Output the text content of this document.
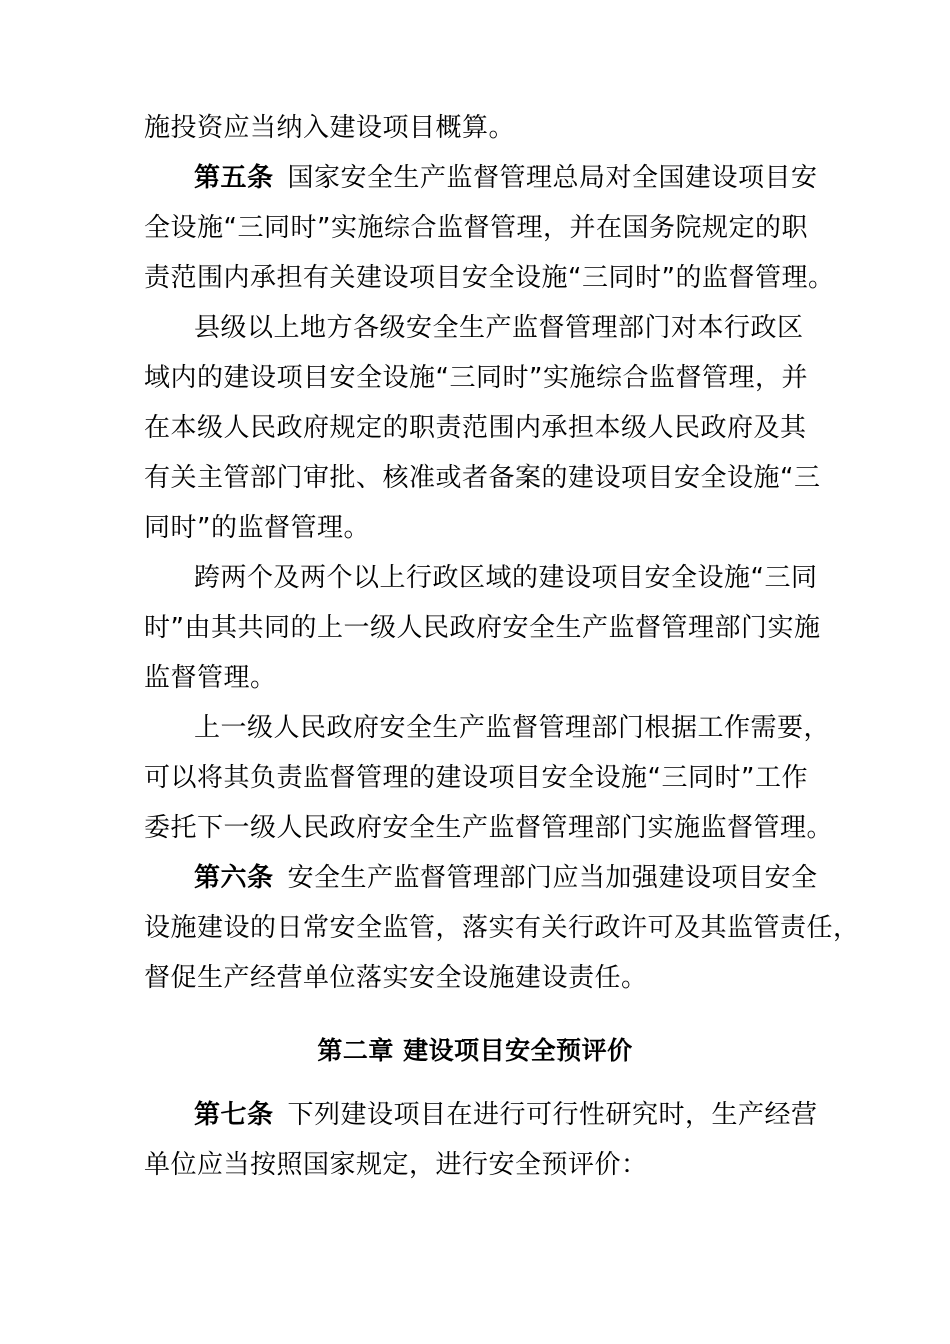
施投资应当纳入建设项目概算。
第五条 国家安全生产监督管理总局对全国建设项目安
全设施“三同时”实施综合监督管理，并在国务院规定的职
责范围内承担有关建设项目安全设施“三同时”的监督管理。
县级以上地方各级安全生产监督管理部门对本行政区
域内的建设项目安全设施“三同时”实施综合监督管理，并
在本级人民政府规定的职责范围内承担本级人民政府及其
有关主管部门审批、核准或者备案的建设项目安全设施“三
同时”的监督管理。
跨两个及两个以上行政区域的建设项目安全设施“三同
时”由其共同的上一级人民政府安全生产监督管理部门实施
监督管理。
上一级人民政府安全生产监督管理部门根据工作需要，
可以将其负责监督管理的建设项目安全设施“三同时”工作
委托下一级人民政府安全生产监督管理部门实施监督管理。
第六条 安全生产监督管理部门应当加强建设项目安全
设施建设的日常安全监管，落实有关行政许可及其监管责任，
督促生产经营单位落实安全设施建设责任。
第二章 建设项目安全预评价
第七条 下列建设项目在进行可行性研究时，生产经营
单位应当按照国家规定，进行安全预评价：
